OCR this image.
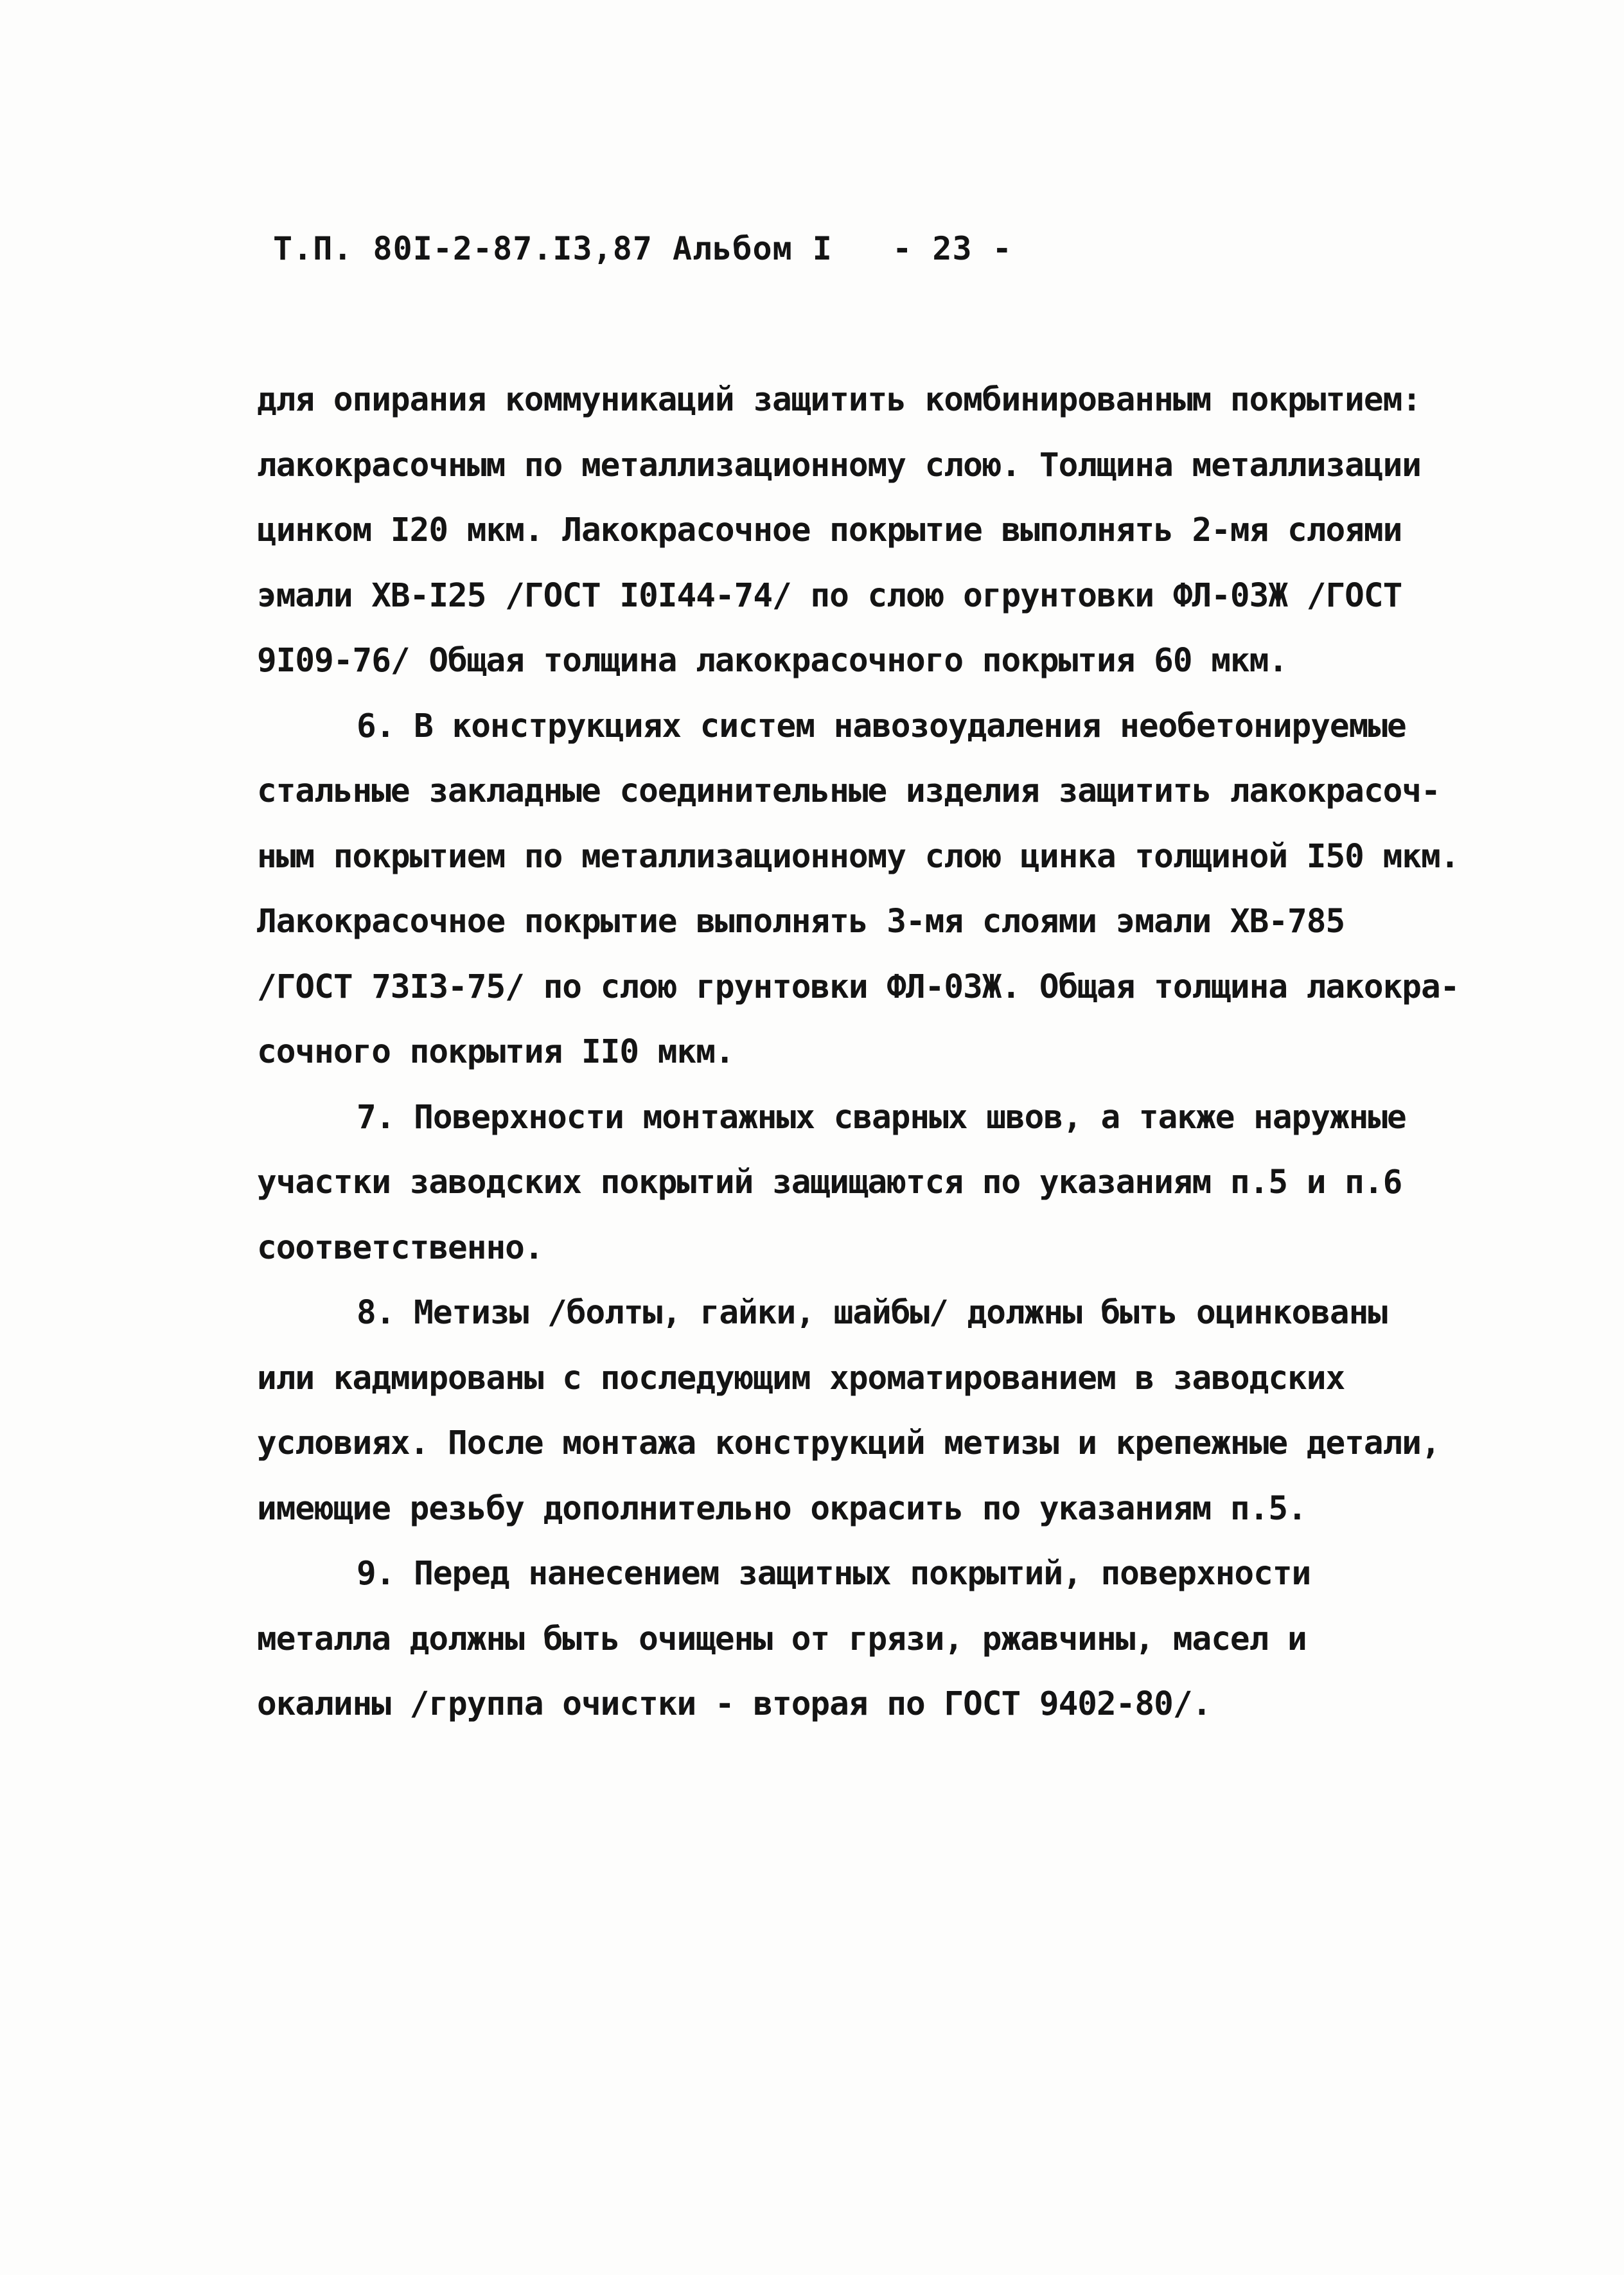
Т.П. 80I-2-87.I3,87 Альбом I - 23 -
для опирания коммуникаций защитить комбинированным покрытием:
лакокрасочным по металлизационному слою. Толщина металлизации
цинком I20 мкм. Лакокрасочное покрытие выполнять 2-мя слоями
эмали ХВ-I25 /ГОСТ I0I44-74/ по слою огрунтовки ФЛ-03Ж /ГОСТ
9I09-76/ Общая толщина лакокрасочного покрытия 60 мкм.
6. В конструкциях систем навозоудаления необетонируемые
стальные закладные соединительные изделия защитить лакокрасоч-
ным покрытием по металлизационному слою цинка толщиной I50 мкм.
Лакокрасочное покрытие выполнять 3-мя слоями эмали ХВ-785
/ГОСТ 73I3-75/ по слою грунтовки ФЛ-03Ж. Общая толщина лакокра-
сочного покрытия II0 мкм.
7. Поверхности монтажных сварных швов, а также наружные
участки заводских покрытий защищаются по указаниям п.5 и п.6
соответственно.
8. Метизы /болты, гайки, шайбы/ должны быть оцинкованы
или кадмированы с последующим хроматированием в заводских
условиях. После монтажа конструкций метизы и крепежные детали,
имеющие резьбу дополнительно окрасить по указаниям п.5.
9. Перед нанесением защитных покрытий, поверхности
металла должны быть очищены от грязи, ржавчины, масел и
окалины /группа очистки - вторая по ГОСТ 9402-80/.
